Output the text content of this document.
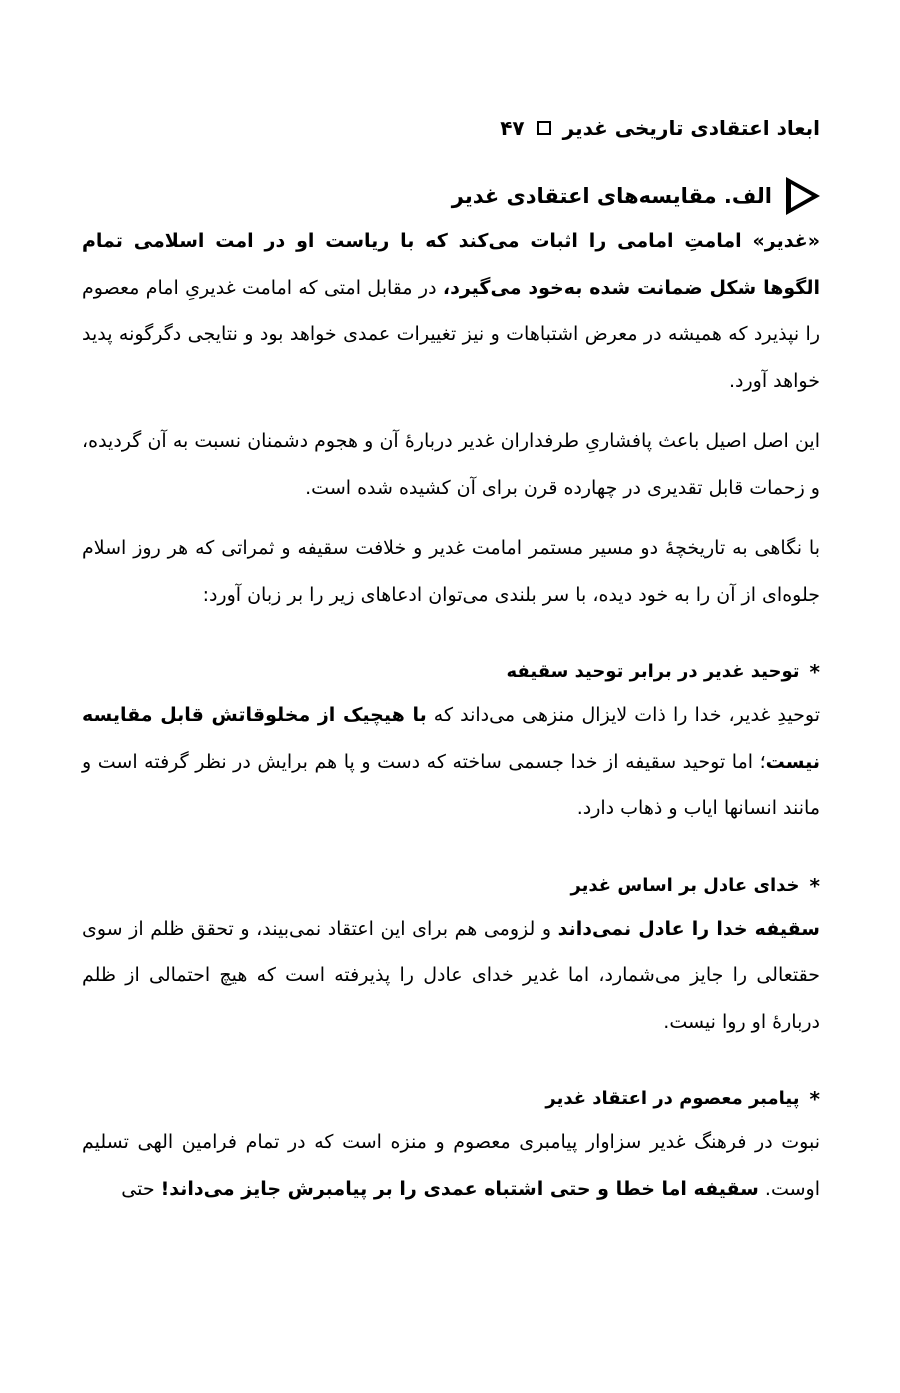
ابعاد اعتقادی تاریخی غدیر
۴۷
الف. مقایسه‌های اعتقادی غدیر

«غدیر» امامتِ امامی را اثبات می‌کند که با ریاست او در امت اسلامی تمام الگوها شکل ضمانت شده به‌خود می‌گیرد، در مقابل امتی که امامت غدیریِ امام معصوم را نپذیرد که همیشه در معرض اشتباهات و نیز تغییرات عمدی خواهد بود و نتایجی دگرگونه پدید خواهد آورد.

این اصل اصیل باعث پافشاریِ طرفداران غدیر دربارۀ آن و هجوم دشمنان نسبت به آن گردیده، و زحمات قابل تقدیری در چهارده قرن برای آن کشیده شده است.

با نگاهی به تاریخچۀ دو مسیر مستمر امامت غدیر و خلافت سقیفه و ثمراتی که هر روز اسلام جلوه‌ای از آن را به خود دیده، با سر بلندی می‌توان ادعاهای زیر را بر زبان آورد:

*
توحید غدیر در برابر توحید سقیفه

توحیدِ غدیر، خدا را ذات لایزال منزهی می‌داند که با هیچیک از مخلوقاتش قابل مقایسه نیست؛ اما توحید سقیفه از خدا جسمی ساخته که دست و پا هم برایش در نظر گرفته است و مانند انسانها ایاب و ذهاب دارد.

*
خدای عادل بر اساس غدیر

سقیفه خدا را عادل نمی‌داند و لزومی هم برای این اعتقاد نمی‌بیند، و تحقق ظلم از سوی حقتعالی را جایز می‌شمارد، اما غدیر خدای عادل را پذیرفته است که هیچ احتمالی از ظلم دربارۀ او روا نیست.

*
پیامبر معصوم در اعتقاد غدیر

نبوت در فرهنگ غدیر سزاوار پیامبری معصوم و منزه است که در تمام فرامین الهی تسلیم اوست. سقیفه اما خطا و حتی اشتباه عمدی را بر پیامبرش جایز می‌داند! حتی
